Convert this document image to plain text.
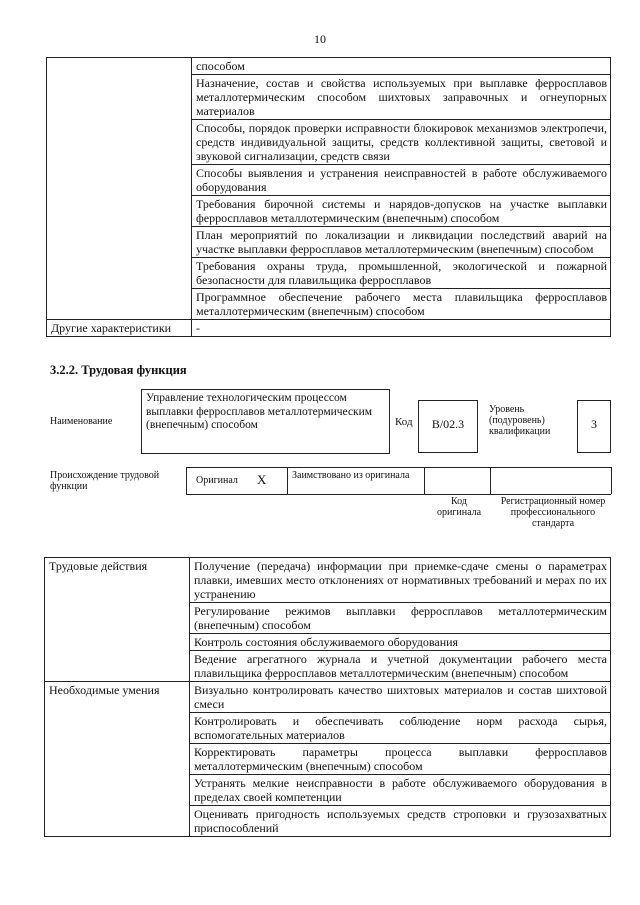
10
	способом
	Назначение, состав и свойства используемых при выплавке ферросплавов металлотермическим способом шихтовых заправочных и огнеупорных материалов
	Способы, порядок проверки исправности блокировок механизмов электропечи, средств индивидуальной защиты, средств коллективной защиты, световой и звуковой сигнализации, средств связи
	Способы выявления и устранения неисправностей в работе обслуживаемого оборудования
	Требования бирочной системы и нарядов-допусков на участке выплавки ферросплавов металлотермическим (внепечным) способом
	План мероприятий по локализации и ликвидации последствий аварий на участке выплавки ферросплавов металлотермическим (внепечным) способом
	Требования охраны труда, промышленной, экологической и пожарной безопасности для плавильщика ферросплавов
	Программное обеспечение рабочего места плавильщика ферросплавов металлотермическим (внепечным) способом
Другие характеристики	-
3.2.2. Трудовая функция
Наименование
Управление технологическим процессом выплавки ферросплавов металлотермическим (внепечным) способом	Код	B/02.3
Уровень (подуровень) квалификации
3
Происхождение трудовой функции
Оригинал X	Заимствовано из оригинала
Код оригинала
Регистрационный номер профессионального стандарта
Трудовые действия	Получение (передача) информации при приемке-сдаче смены о параметрах плавки, имевших место отклонениях от нормативных требований и мерах по их устранению
	Регулирование режимов выплавки ферросплавов металлотермическим (внепечным) способом
	Контроль состояния обслуживаемого оборудования
	Ведение агрегатного журнала и учетной документации рабочего места плавильщика ферросплавов металлотермическим (внепечным) способом
Необходимые умения	Визуально контролировать качество шихтовых материалов и состав шихтовой смеси
	Контролировать и обеспечивать соблюдение норм расхода сырья, вспомогательных материалов
	Корректировать параметры процесса выплавки ферросплавов металлотермическим (внепечным) способом
	Устранять мелкие неисправности в работе обслуживаемого оборудования в пределах своей компетенции
	Оценивать пригодность используемых средств строповки и грузозахватных приспособлений
